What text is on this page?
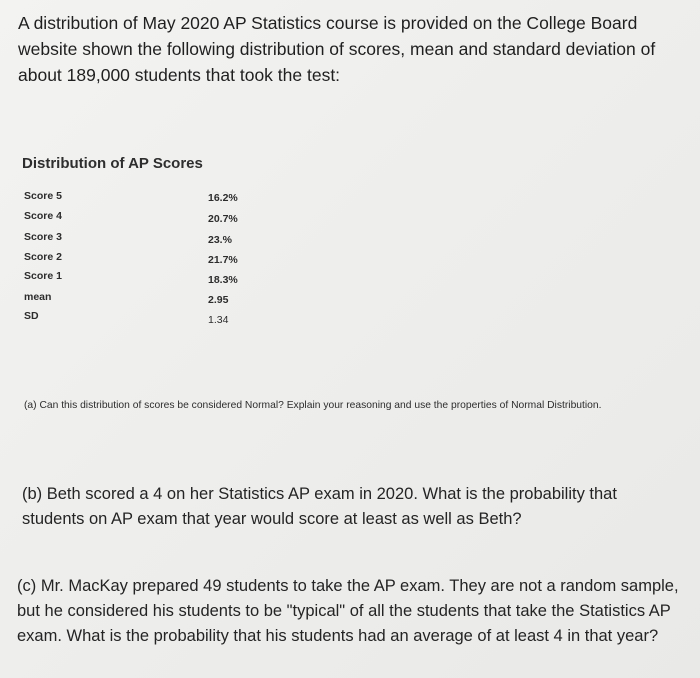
A distribution of May 2020 AP Statistics course is provided on the College Board website shown the following distribution of scores, mean and standard deviation of about 189,000 students that took the test:
Distribution of AP Scores
Score 5	16.2%
Score 4	20.7%
Score 3	23.%
Score 2	21.7%
Score 1	18.3%
mean	2.95
SD	1.34
(a) Can this distribution of scores be considered Normal? Explain your reasoning and use the properties of Normal Distribution.
(b) Beth scored a 4 on her Statistics AP exam in 2020. What is the probability that students on AP exam that year would score at least as well as Beth?
(c) Mr. MacKay prepared 49 students to take the AP exam. They are not a random sample, but he considered his students to be "typical" of all the students that take the Statistics AP exam. What is the probability that his students had an average of at least 4 in that year?
